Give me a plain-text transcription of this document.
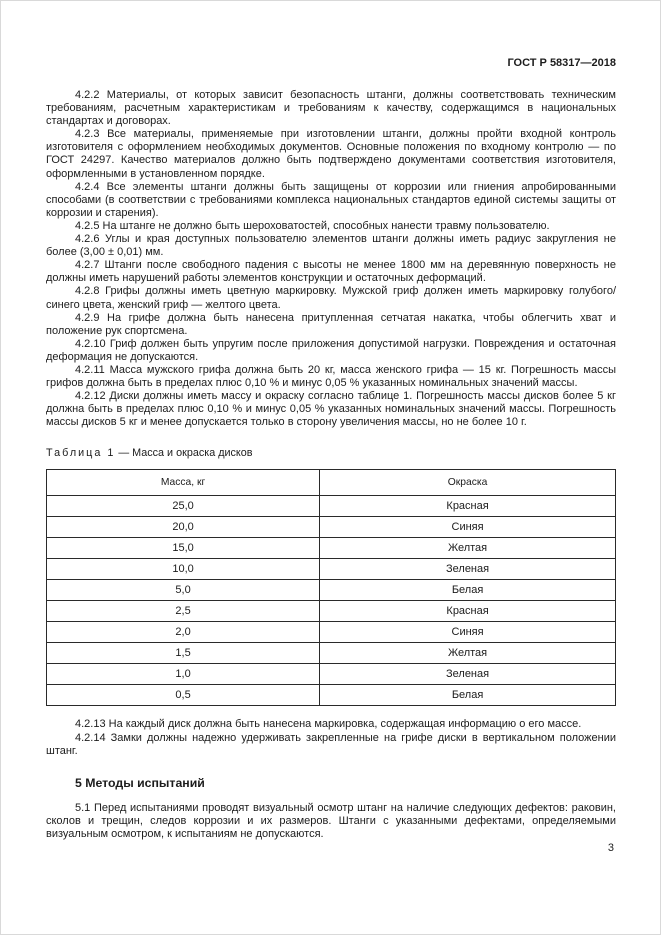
ГОСТ Р 58317—2018

4.2.2 Материалы, от которых зависит безопасность штанги, должны соответствовать техническим требованиям, расчетным характеристикам и требованиям к качеству, содержащимся в национальных стандартах и договорах.

4.2.3 Все материалы, применяемые при изготовлении штанги, должны пройти входной контроль изготовителя с оформлением необходимых документов. Основные положения по входному контролю — по ГОСТ 24297. Качество материалов должно быть подтверждено документами соответствия изготовителя, оформленными в установленном порядке.

4.2.4 Все элементы штанги должны быть защищены от коррозии или гниения апробированными способами (в соответствии с требованиями комплекса национальных стандартов единой системы защиты от коррозии и старения).

4.2.5 На штанге не должно быть шероховатостей, способных нанести травму пользователю.

4.2.6 Углы и края доступных пользователю элементов штанги должны иметь радиус закругления не более (3,00 ± 0,01) мм.

4.2.7 Штанги после свободного падения с высоты не менее 1800 мм на деревянную поверхность не должны иметь нарушений работы элементов конструкции и остаточных деформаций.

4.2.8 Грифы должны иметь цветную маркировку. Мужской гриф должен иметь маркировку голубого/синего цвета, женский гриф — желтого цвета.

4.2.9 На грифе должна быть нанесена притупленная сетчатая накатка, чтобы облегчить хват и положение рук спортсмена.

4.2.10 Гриф должен быть упругим после приложения допустимой нагрузки. Повреждения и остаточная деформация не допускаются.

4.2.11 Масса мужского грифа должна быть 20 кг, масса женского грифа — 15 кг. Погрешность массы грифов должна быть в пределах плюс 0,10 % и минус 0,05 % указанных номинальных значений массы.

4.2.12 Диски должны иметь массу и окраску согласно таблице 1. Погрешность массы дисков более 5 кг должна быть в пределах плюс 0,10 % и минус 0,05 % указанных номинальных значений массы. Погрешность массы дисков 5 кг и менее допускается только в сторону увеличения массы, но не более 10 г.

Таблица 1 — Масса и окраска дисков

Масса, кг	Окраска
25,0	Красная
20,0	Синяя
15,0	Желтая
10,0	Зеленая
5,0	Белая
2,5	Красная
2,0	Синяя
1,5	Желтая
1,0	Зеленая
0,5	Белая

4.2.13 На каждый диск должна быть нанесена маркировка, содержащая информацию о его массе.

4.2.14 Замки должны надежно удерживать закрепленные на грифе диски в вертикальном положении штанг.

5 Методы испытаний

5.1 Перед испытаниями проводят визуальный осмотр штанг на наличие следующих дефектов: раковин, сколов и трещин, следов коррозии и их размеров. Штанги с указанными дефектами, определяемыми визуальным осмотром, к испытаниям не допускаются.

3
